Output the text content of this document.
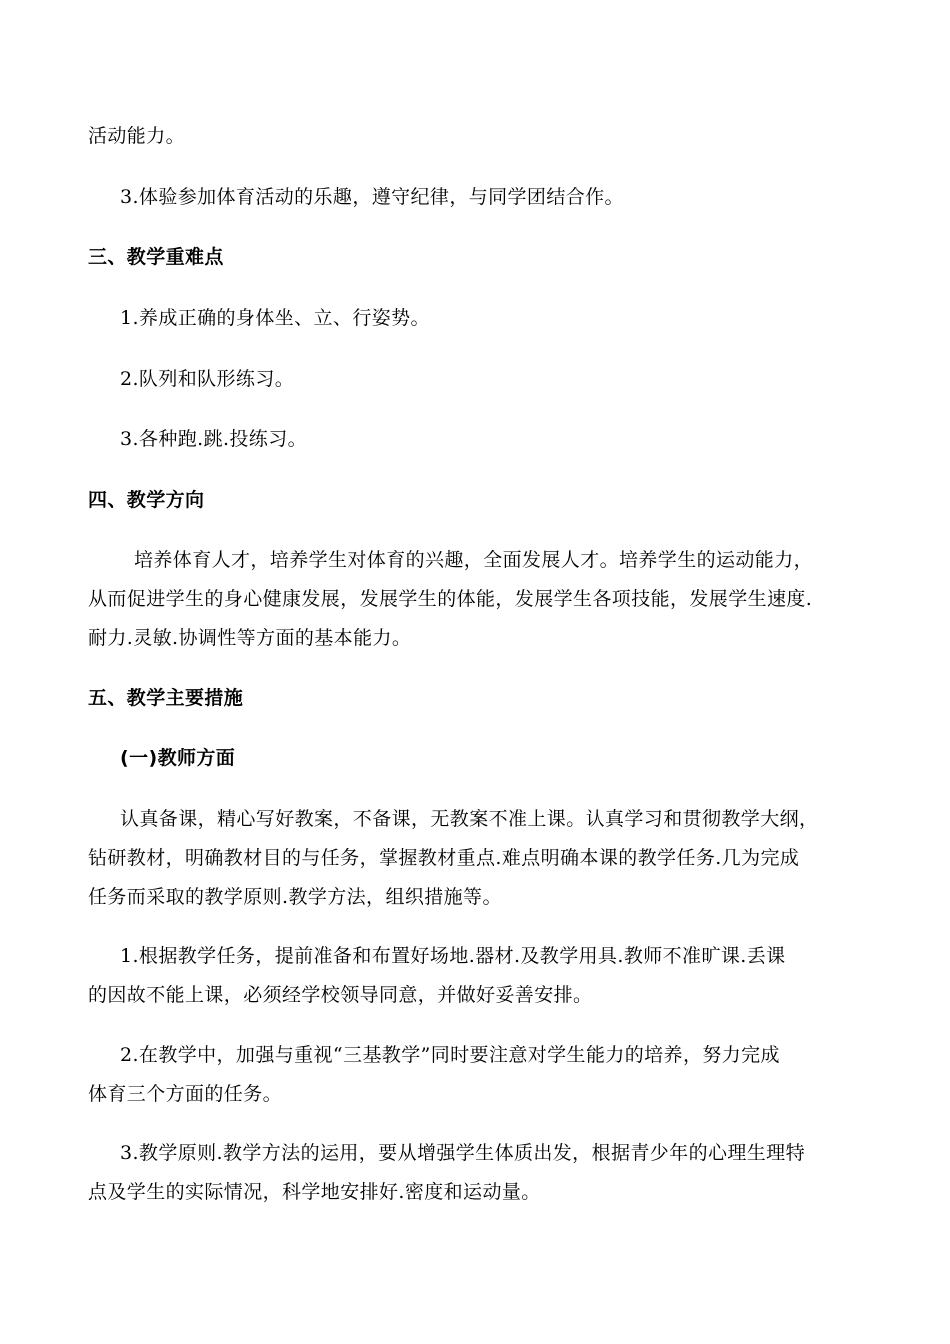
活动能力。
3.体验参加体育活动的乐趣，遵守纪律，与同学团结合作。
三、教学重难点
1.养成正确的身体坐、立、行姿势。
2.队列和队形练习。
3.各种跑.跳.投练习。
四、教学方向
培养体育人才，培养学生对体育的兴趣，全面发展人才。培养学生的运动能力，
从而促进学生的身心健康发展，发展学生的体能，发展学生各项技能，发展学生速度.
耐力.灵敏.协调性等方面的基本能力。
五、教学主要措施
(一)教师方面
认真备课，精心写好教案，不备课，无教案不准上课。认真学习和贯彻教学大纲，
钻研教材，明确教材目的与任务，掌握教材重点.难点明确本课的教学任务.几为完成
任务而采取的教学原则.教学方法，组织措施等。
1.根据教学任务，提前准备和布置好场地.器材.及教学用具.教师不准旷课.丢课
的因故不能上课，必须经学校领导同意，并做好妥善安排。
2.在教学中，加强与重视“三基教学”同时要注意对学生能力的培养，努力完成
体育三个方面的任务。
3.教学原则.教学方法的运用，要从增强学生体质出发，根据青少年的心理生理特
点及学生的实际情况，科学地安排好.密度和运动量。
